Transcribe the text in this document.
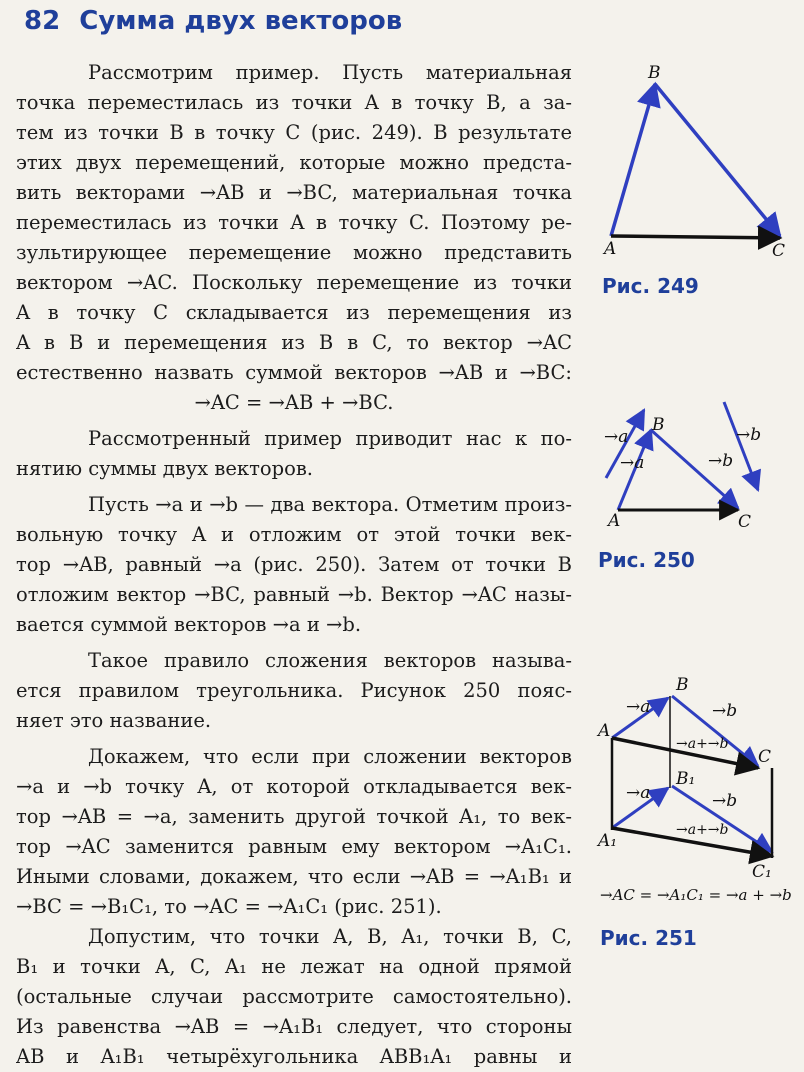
82 Сумма двух векторов
Рассмотрим пример. Пусть материальная
точка переместилась из точки A в точку B, а за-
тем из точки B в точку C (рис. 249). В результате
этих двух перемещений, которые можно предста-
вить векторами →AB и →BC, материальная точка
переместилась из точки A в точку C. Поэтому ре-
зультирующее перемещение можно представить
вектором →AC. Поскольку перемещение из точки
A в точку C складывается из перемещения из
A в B и перемещения из B в C, то вектор →AC
естественно назвать суммой векторов →AB и →BC:
→AC = →AB + →BC.
Рассмотренный пример приводит нас к по-
нятию суммы двух векторов.
Пусть →a и →b — два вектора. Отметим произ-
вольную точку A и отложим от этой точки век-
тор →AB, равный →a (рис. 250). Затем от точки B
отложим вектор →BC, равный →b. Вектор →AC назы-
вается суммой векторов →a и →b.
Такое правило сложения векторов называ-
ется правилом треугольника. Рисунок 250 пояс-
няет это название.
Докажем, что если при сложении векторов
→a и →b точку A, от которой откладывается век-
тор →AB = →a, заменить другой точкой A₁, то век-
тор →AC заменится равным ему вектором →A₁C₁.
Иными словами, докажем, что если →AB = →A₁B₁ и
→BC = →B₁C₁, то →AC = →A₁C₁ (рис. 251).
Допустим, что точки A, B, A₁, точки B, C,
B₁ и точки A, C, A₁ не лежат на одной прямой
(остальные случаи рассмотрите самостоятельно).
Из равенства →AB = →A₁B₁ следует, что стороны
AB и A₁B₁ четырёхугольника ABB₁A₁ равны и
B
A	C
→a
→a
B
→b
→b
A	C
B
A
C
B₁
A₁
C₁
→a	→b
→a+→b
→a	→b
→a+→b
→AC = →A₁C₁ = →a + →b
Рис. 249
Рис. 250
Рис. 251
